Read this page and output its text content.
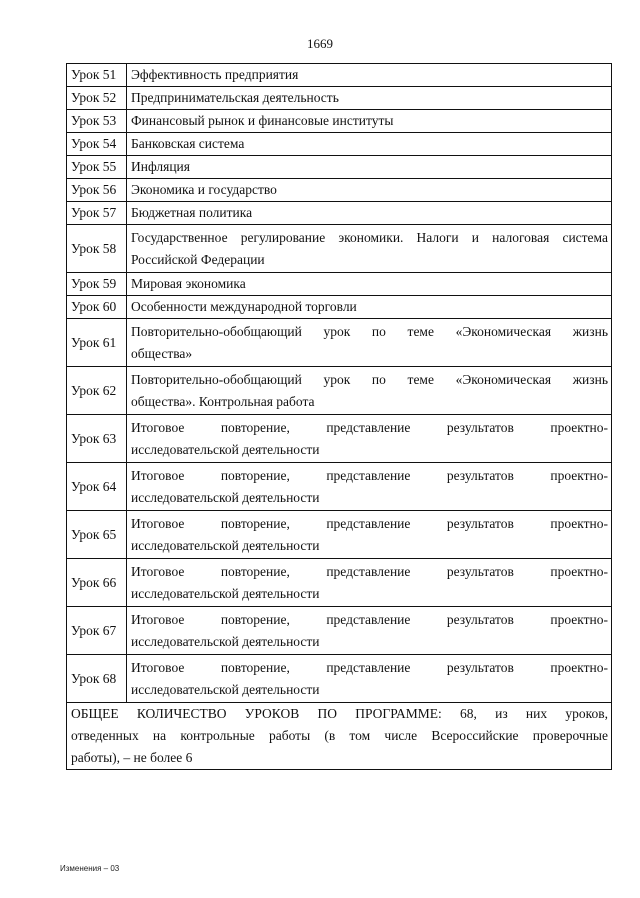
1669
Урок 51	Эффективность предприятия
Урок 52	Предпринимательская деятельность
Урок 53	Финансовый рынок и финансовые институты
Урок 54	Банковская система
Урок 55	Инфляция
Урок 56	Экономика и государство
Урок 57	Бюджетная политика
Урок 58	Государственное регулирование экономики. Налоги и налоговая система
Российской Федерации

Урок 59	Мировая экономика
Урок 60	Особенности международной торговли
Урок 61	Повторительно-обобщающий урок по теме «Экономическая жизнь
общества»

Урок 62	Повторительно-обобщающий урок по теме «Экономическая жизнь
общества». Контрольная работа

Урок 63	Итоговое повторение, представление результатов проектно-
исследовательской деятельности

Урок 64	Итоговое повторение, представление результатов проектно-
исследовательской деятельности

Урок 65	Итоговое повторение, представление результатов проектно-
исследовательской деятельности

Урок 66	Итоговое повторение, представление результатов проектно-
исследовательской деятельности

Урок 67	Итоговое повторение, представление результатов проектно-
исследовательской деятельности

Урок 68	Итоговое повторение, представление результатов проектно-
исследовательской деятельности

ОБЩЕЕ КОЛИЧЕСТВО УРОКОВ ПО ПРОГРАММЕ: 68, из них уроков,
отведенных на контрольные работы (в том числе Всероссийские проверочные
работы), – не более 6	
Изменения – 03
